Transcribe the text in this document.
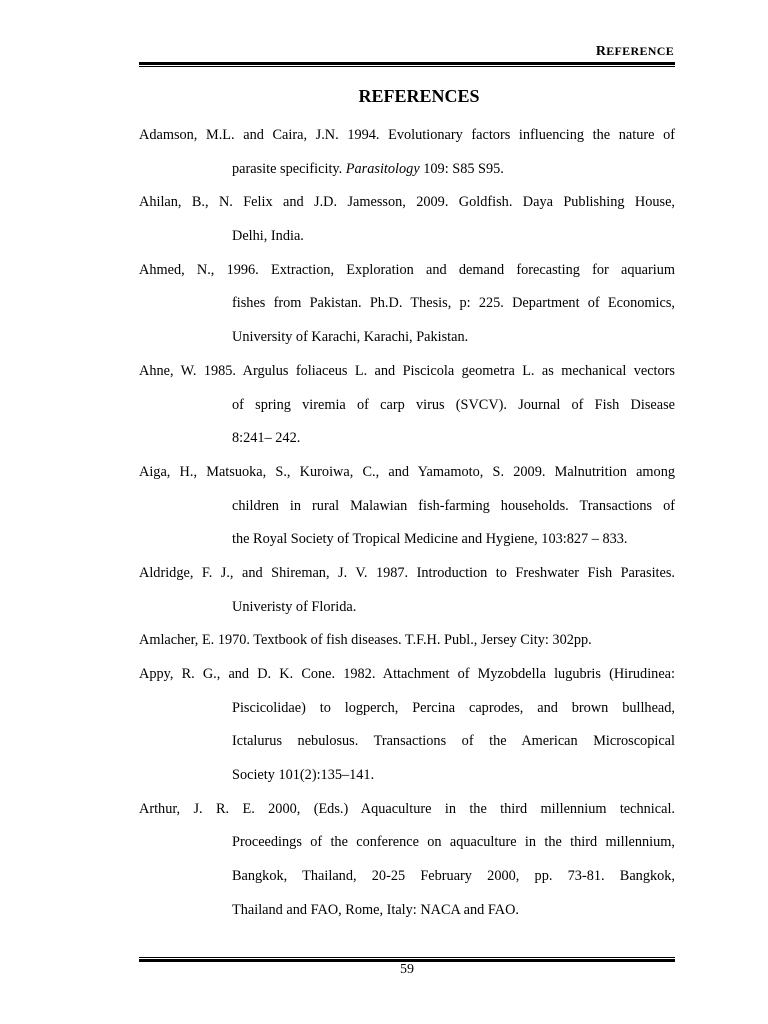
REFERENCE
REFERENCES
Adamson, M.L. and Caira, J.N. 1994. Evolutionary factors influencing the nature of
parasite specificity. Parasitology 109: S85 S95.
Ahilan, B., N. Felix and J.D. Jamesson, 2009. Goldfish. Daya Publishing House,
Delhi, India.
Ahmed, N., 1996. Extraction, Exploration and demand forecasting for aquarium
fishes from Pakistan. Ph.D. Thesis, p: 225. Department of Economics,
University of Karachi, Karachi, Pakistan.
Ahne, W. 1985. Argulus foliaceus L. and Piscicola geometra L. as mechanical vectors
of spring viremia of carp virus (SVCV). Journal of Fish Disease
8:241– 242.
Aiga, H., Matsuoka, S., Kuroiwa, C., and Yamamoto, S. 2009. Malnutrition among
children in rural Malawian fish-farming households. Transactions of
the Royal Society of Tropical Medicine and Hygiene, 103:827 – 833.
Aldridge, F. J., and Shireman, J. V. 1987. Introduction to Freshwater Fish Parasites.
Univeristy of Florida.
Amlacher, E. 1970. Textbook of fish diseases. T.F.H. Publ., Jersey City: 302pp.
Appy, R. G., and D. K. Cone. 1982. Attachment of Myzobdella lugubris (Hirudinea:
Piscicolidae) to logperch, Percina caprodes, and brown bullhead,
Ictalurus nebulosus. Transactions of the American Microscopical
Society 101(2):135–141.
Arthur, J. R. E. 2000, (Eds.) Aquaculture in the third millennium technical.
Proceedings of the conference on aquaculture in the third millennium,
Bangkok, Thailand, 20-25 February 2000, pp. 73-81. Bangkok,
Thailand and FAO, Rome, Italy: NACA and FAO.
59
